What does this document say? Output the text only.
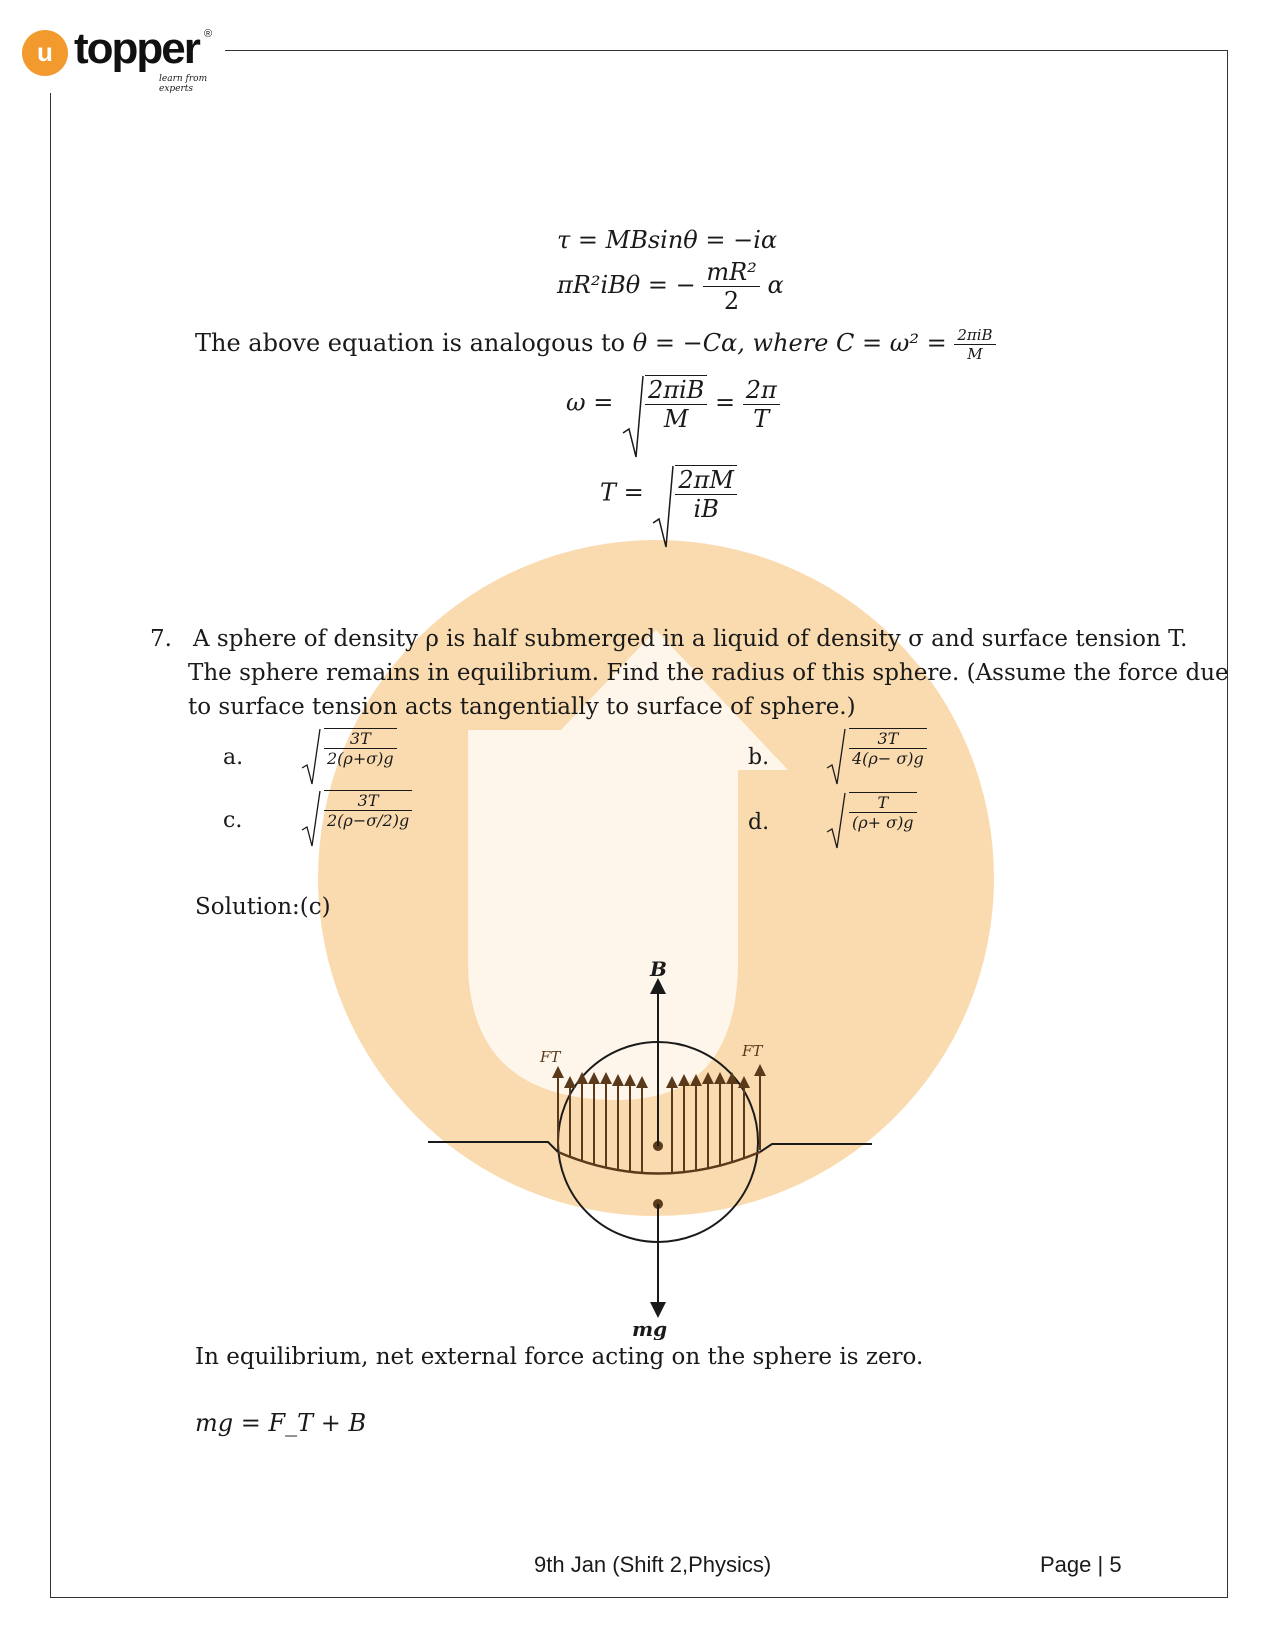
u topper ®
learn from experts
τ = MBsinθ = −iα
πR²iBθ = − $\frac{\text{mR²}}{2}$ α
The above equation is analogous to θ = −Cα, where $C = \omega^2 = \frac{\text{2πiB}}{M}$
$\omega = \frac{\text{2πiB}}{M} = \frac{2\pi}{T}$
$T = \frac{2\pi M}{iB}$
7. A sphere of density ρ is half submerged in a liquid of density σ and surface tension T.
The sphere remains in equilibrium. Find the radius of this sphere. (Assume the force due
to surface tension acts tangentially to surface of sphere.)
a.	$\frac{3T}{2(\rho+\sigma)g}$	b.	$\frac{3T}{4(\rho- \sigma)g}$
c.	$\frac{3T}{2(\rho-\sigma/2)g}$	d.	$\frac{T}{(\rho+ \sigma)g}$
Solution:(c)
B
mg
FT	FT
In equilibrium, net external force acting on the sphere is zero.
mg = F_T + B
9th Jan (Shift 2,Physics)	Page | 5
